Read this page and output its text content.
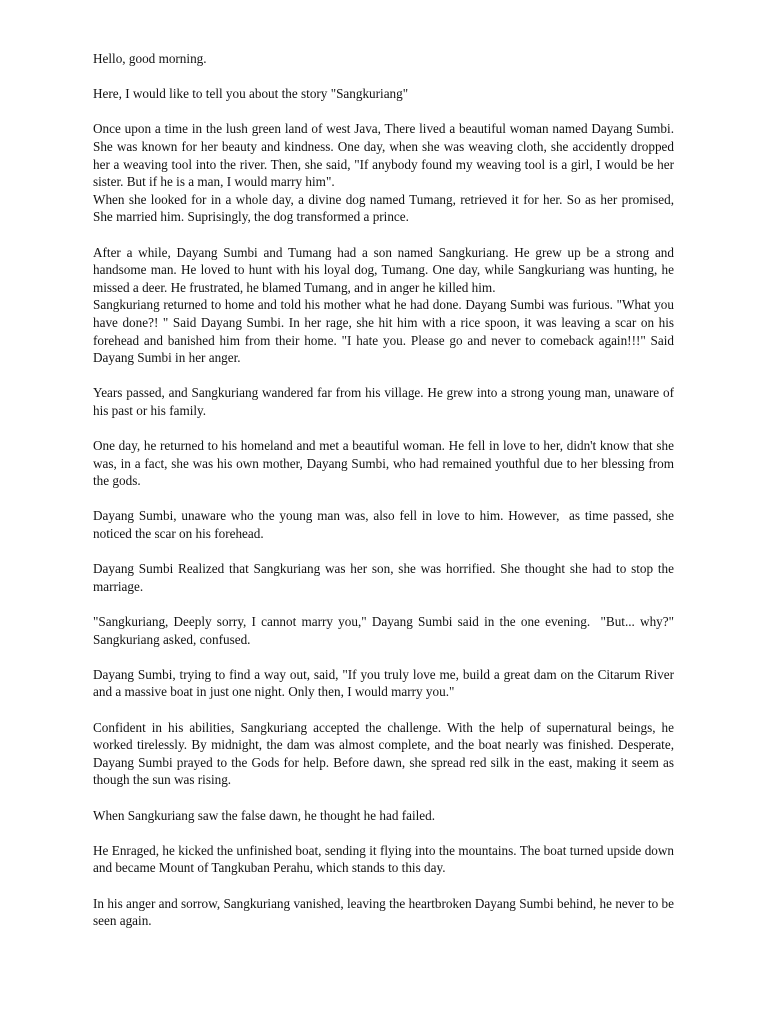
Hello, good morning.

Here, I would like to tell you about the story "Sangkuriang"

Once upon a time in the lush green land of west Java, There lived a beautiful woman named Dayang Sumbi. She was known for her beauty and kindness. One day, when she was weaving cloth, she accidently dropped her a weaving tool into the river. Then, she said, "If anybody found my weaving tool is a girl, I would be her sister. But if he is a man, I would marry him".
When she looked for in a whole day, a divine dog named Tumang, retrieved it for her. So as her promised, She married him. Suprisingly, the dog transformed a prince.

After a while, Dayang Sumbi and Tumang had a son named Sangkuriang. He grew up be a strong and handsome man. He loved to hunt with his loyal dog, Tumang. One day, while Sangkuriang was hunting, he missed a deer. He frustrated, he blamed Tumang, and in anger he killed him.
Sangkuriang returned to home and told his mother what he had done. Dayang Sumbi was furious. "What you have done?! " Said Dayang Sumbi. In her rage, she hit him with a rice spoon, it was leaving a scar on his forehead and banished him from their home. "I hate you. Please go and never to comeback again!!!" Said Dayang Sumbi in her anger.

Years passed, and Sangkuriang wandered far from his village. He grew into a strong young man, unaware of his past or his family.

One day, he returned to his homeland and met a beautiful woman. He fell in love to her, didn't know that she was, in a fact, she was his own mother, Dayang Sumbi, who had remained youthful due to her blessing from the gods.

Dayang Sumbi, unaware who the young man was, also fell in love to him. However,  as time passed, she noticed the scar on his forehead.

Dayang Sumbi Realized that Sangkuriang was her son, she was horrified. She thought she had to stop the marriage.

"Sangkuriang, Deeply sorry, I cannot marry you," Dayang Sumbi said in the one evening.  "But... why?" Sangkuriang asked, confused.

Dayang Sumbi, trying to find a way out, said, "If you truly love me, build a great dam on the Citarum River and a massive boat in just one night. Only then, I would marry you."

Confident in his abilities, Sangkuriang accepted the challenge. With the help of supernatural beings, he worked tirelessly. By midnight, the dam was almost complete, and the boat nearly was finished. Desperate, Dayang Sumbi prayed to the Gods for help. Before dawn, she spread red silk in the east, making it seem as though the sun was rising.

When Sangkuriang saw the false dawn, he thought he had failed.

He Enraged, he kicked the unfinished boat, sending it flying into the mountains. The boat turned upside down and became Mount of Tangkuban Perahu, which stands to this day.

In his anger and sorrow, Sangkuriang vanished, leaving the heartbroken Dayang Sumbi behind, he never to be seen again.
